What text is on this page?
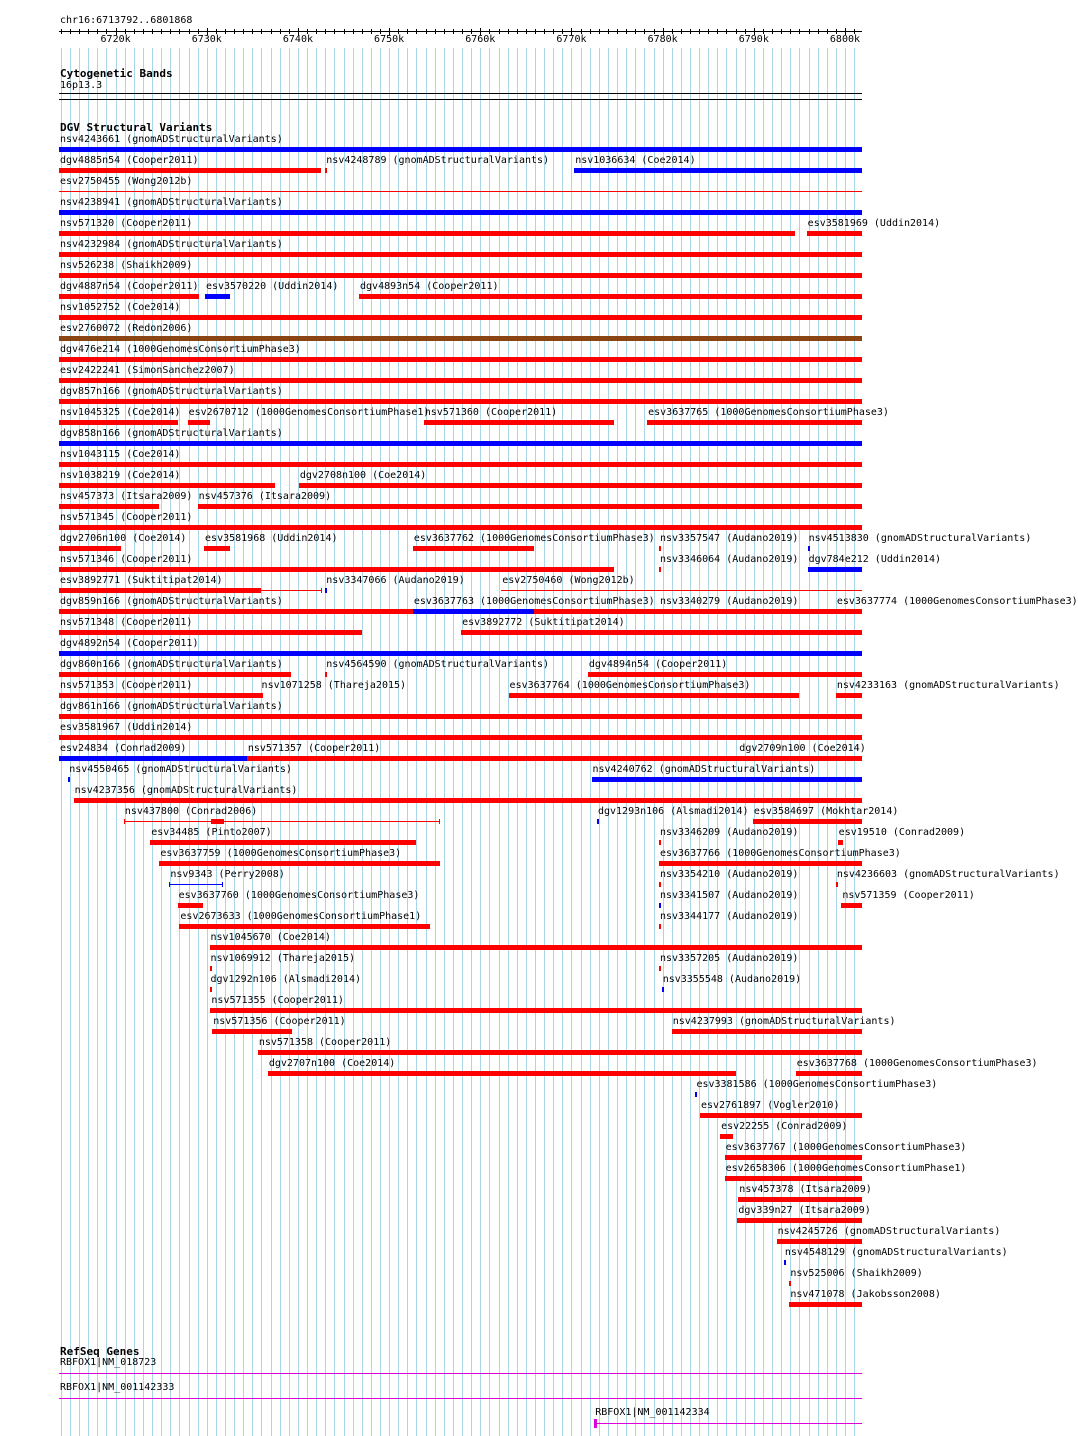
chr16:6713792..6801868
6720k	6730k	6740k	6750k	6760k	6770k	6780k	6790k	6800k
Cytogenetic Bands
16p13.3
DGV Structural Variants
nsv4243661 (gnomADStructuralVariants)
dgv4885n54 (Cooper2011)	nsv4248789 (gnomADStructuralVariants)	nsv1036634 (Coe2014)
esv2750455 (Wong2012b)
nsv4238941 (gnomADStructuralVariants)
nsv571320 (Cooper2011)	esv3581969 (Uddin2014)
nsv4232984 (gnomADStructuralVariants)
nsv526238 (Shaikh2009)
dgv4887n54 (Cooper2011) esv3570220 (Uddin2014) dgv4893n54 (Cooper2011)
nsv1052752 (Coe2014)
esv2760072 (Redon2006)
dgv476e214 (1000GenomesConsortiumPhase3)
esv2422241 (SimonSanchez2007)
dgv857n166 (gnomADStructuralVariants)
nsv1045325 (Coe2014) esv2670712 (1000GenomesConsortiumPhase1)
nsv571360 (Cooper2011)	esv3637765 (1000GenomesConsortiumPhase3)
dgv858n166 (gnomADStructuralVariants)
nsv1043115 (Coe2014)
nsv1038219 (Coe2014)	dgv2708n100 (Coe2014)
nsv457373 (Itsara2009) nsv457376 (Itsara2009)
nsv571345 (Cooper2011)
dgv2706n100 (Coe2014) esv3581968 (Uddin2014)	esv3637762 (1000GenomesConsortiumPhase3) nsv3357547 (Audano2019) nsv4513830 (gnomADStructuralVariants)
nsv571346 (Cooper2011)	nsv3346064 (Audano2019) dgv784e212 (Uddin2014)
esv3892771 (Suktitipat2014)	nsv3347066 (Audano2019)	esv2750460 (Wong2012b)
dgv859n166 (gnomADStructuralVariants)	esv3637763 (1000GenomesConsortiumPhase3) nsv3340279 (Audano2019)	esv3637774 (1000GenomesConsortiumPhase3)
nsv571348 (Cooper2011)	esv3892772 (Suktitipat2014)
dgv4892n54 (Cooper2011)
dgv860n166 (gnomADStructuralVariants)	nsv4564590 (gnomADStructuralVariants)	dgv4894n54 (Cooper2011)
nsv571353 (Cooper2011)	nsv1071258 (Thareja2015)	esv3637764 (1000GenomesConsortiumPhase3)	nsv4233163 (gnomADStructuralVariants)
dgv861n166 (gnomADStructuralVariants)
esv3581967 (Uddin2014)
esv24834 (Conrad2009)	nsv571357 (Cooper2011)	dgv2709n100 (Coe2014)
nsv4550465 (gnomADStructuralVariants)	nsv4240762 (gnomADStructuralVariants)
nsv4237356 (gnomADStructuralVariants)
nsv437800 (Conrad2006)	dgv1293n106 (Alsmadi2014) esv3584697 (Mokhtar2014)
esv34485 (Pinto2007)	nsv3346209 (Audano2019)	esv19510 (Conrad2009)
esv3637759 (1000GenomesConsortiumPhase3)	esv3637766 (1000GenomesConsortiumPhase3)
nsv9343 (Perry2008)	nsv3354210 (Audano2019)	nsv4236603 (gnomADStructuralVariants)
esv3637760 (1000GenomesConsortiumPhase3)	nsv3341507 (Audano2019)	nsv571359 (Cooper2011)
esv2673633 (1000GenomesConsortiumPhase1)	nsv3344177 (Audano2019)
nsv1045670 (Coe2014)
nsv1069912 (Thareja2015)	nsv3357205 (Audano2019)
dgv1292n106 (Alsmadi2014)	nsv3355548 (Audano2019)
nsv571355 (Cooper2011)
nsv571356 (Cooper2011)	nsv4237993 (gnomADStructuralVariants)
nsv571358 (Cooper2011)
dgv2707n100 (Coe2014)	esv3637768 (1000GenomesConsortiumPhase3)
esv3381586 (1000GenomesConsortiumPhase3)
esv2761897 (Vogler2010)
esv22255 (Conrad2009)
esv3637767 (1000GenomesConsortiumPhase3)
esv2658306 (1000GenomesConsortiumPhase1)
nsv457378 (Itsara2009)
dgv339n27 (Itsara2009)
nsv4245726 (gnomADStructuralVariants)
nsv4548129 (gnomADStructuralVariants)
nsv525006 (Shaikh2009)
nsv471078 (Jakobsson2008)
RefSeq Genes
RBFOX1|NM_018723
RBFOX1|NM_001142333
RBFOX1|NM_001142334
